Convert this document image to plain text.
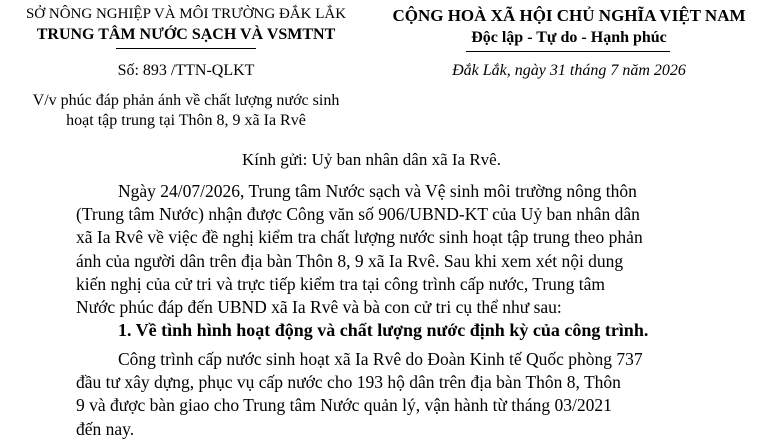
SỞ NÔNG NGHIỆP VÀ MÔI TRƯỜNG ĐẮK LẮK
TRUNG TÂM NƯỚC SẠCH VÀ VSMTNT
Số: 893 /TTN-QLKT
V/v phúc đáp phản ánh về chất lượng nước sinh
hoạt tập trung tại Thôn 8, 9 xã Ia Rvê
CỘNG HOÀ XÃ HỘI CHỦ NGHĨA VIỆT NAM
Độc lập - Tự do - Hạnh phúc
Đắk Lắk, ngày 31 tháng 7 năm 2026
Kính gửi: Uỷ ban nhân dân xã Ia Rvê.
Ngày 24/07/2026, Trung tâm Nước sạch và Vệ sinh môi trường nông thôn
(Trung tâm Nước) nhận được Công văn số 906/UBND-KT của Uỷ ban nhân dân
xã Ia Rvê về việc đề nghị kiểm tra chất lượng nước sinh hoạt tập trung theo phản
ánh của người dân trên địa bàn Thôn 8, 9 xã Ia Rvê. Sau khi xem xét nội dung
kiến nghị của cử tri và trực tiếp kiểm tra tại công trình cấp nước, Trung tâm
Nước phúc đáp đến UBND xã Ia Rvê và bà con cử tri cụ thể như sau:
1. Về tình hình hoạt động và chất lượng nước định kỳ của công trình.
Công trình cấp nước sinh hoạt xã Ia Rvê do Đoàn Kinh tế Quốc phòng 737
đầu tư xây dựng, phục vụ cấp nước cho 193 hộ dân trên địa bàn Thôn 8, Thôn
9 và được bàn giao cho Trung tâm Nước quản lý, vận hành từ tháng 03/2021
đến nay.
